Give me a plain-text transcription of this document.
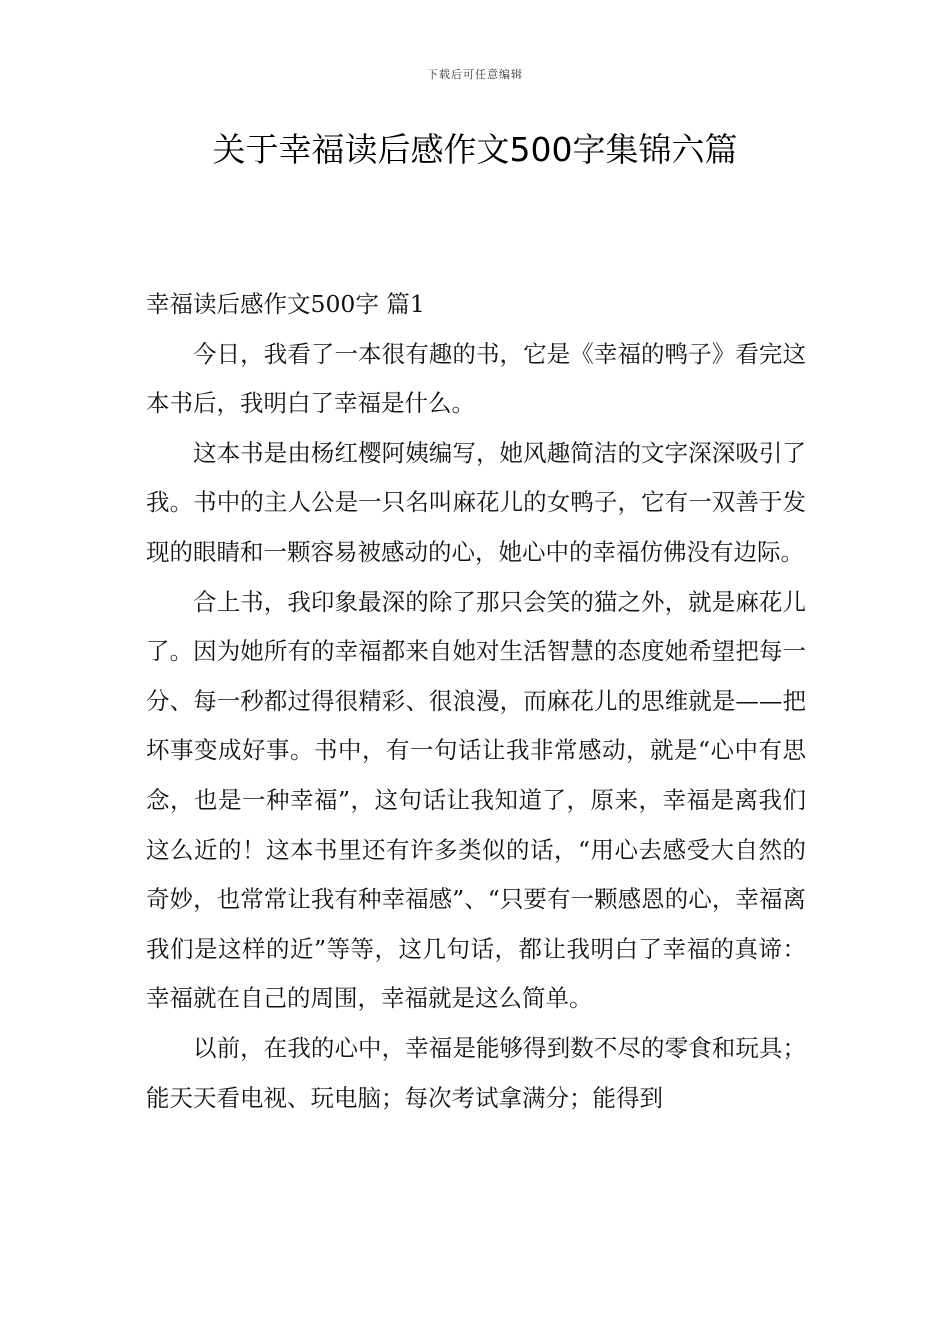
下载后可任意编辑
关于幸福读后感作文500字集锦六篇
幸福读后感作文500字 篇1

今日，我看了一本很有趣的书，它是《幸福的鸭子》看完这本书后，我明白了幸福是什么。

这本书是由杨红樱阿姨编写，她风趣简洁的文字深深吸引了我。书中的主人公是一只名叫麻花儿的女鸭子，它有一双善于发现的眼睛和一颗容易被感动的心，她心中的幸福仿佛没有边际。

合上书，我印象最深的除了那只会笑的猫之外，就是麻花儿了。因为她所有的幸福都来自她对生活智慧的态度她希望把每一分、每一秒都过得很精彩、很浪漫，而麻花儿的思维就是——把坏事变成好事。书中，有一句话让我非常感动，就是“心中有思念，也是一种幸福”，这句话让我知道了，原来，幸福是离我们这么近的！这本书里还有许多类似的话，“用心去感受大自然的奇妙，也常常让我有种幸福感”、“只要有一颗感恩的心，幸福离我们是这样的近”等等，这几句话，都让我明白了幸福的真谛：幸福就在自己的周围，幸福就是这么简单。

以前，在我的心中，幸福是能够得到数不尽的零食和玩具；能天天看电视、玩电脑；每次考试拿满分；能得到
